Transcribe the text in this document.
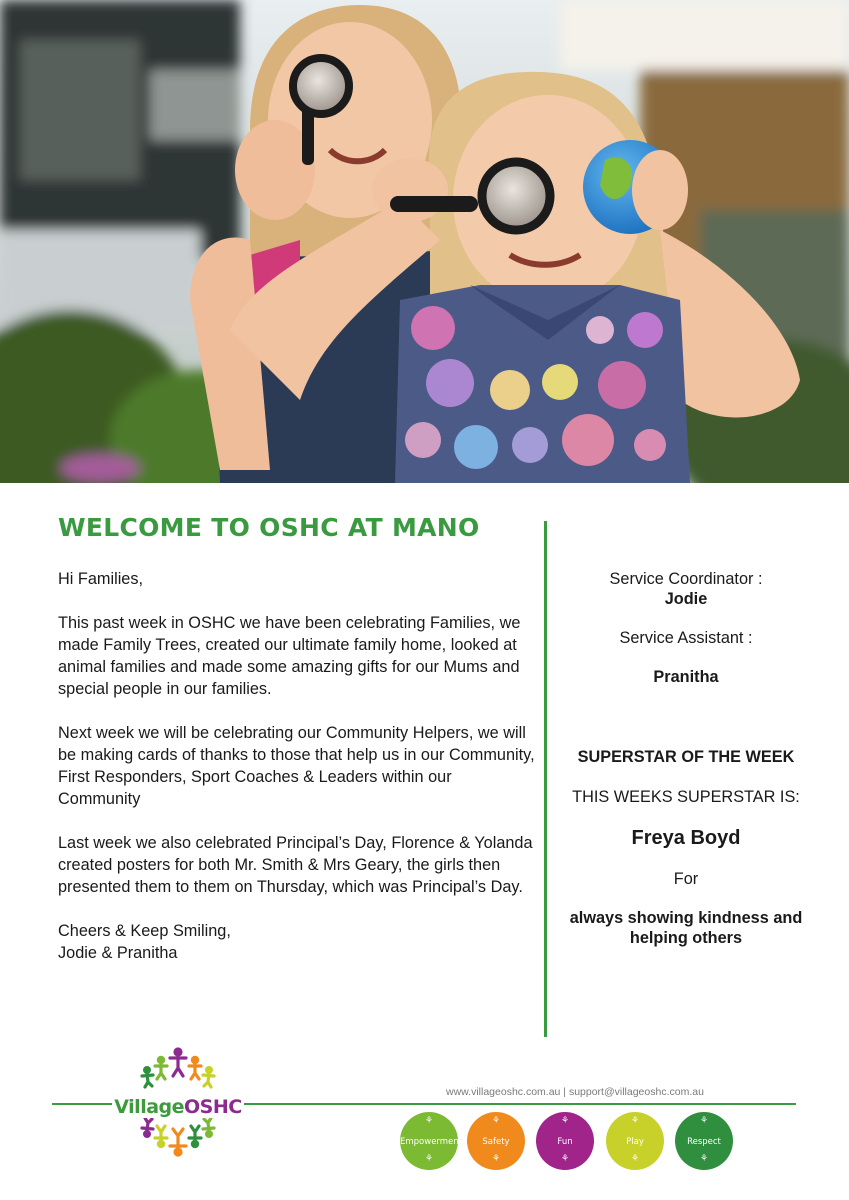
WELCOME TO OSHC AT MANO

Hi Families,

This past week in OSHC we have been celebrating Families, we made Family Trees, created our ultimate family home, looked at animal families and made some amazing gifts for our Mums and special people in our families.

Next week we will be celebrating our Community Helpers, we will be making cards of thanks to those that help us in our Community, First Responders, Sport Coaches & Leaders within our Community

Last week we also celebrated Principal’s Day, Florence & Yolanda created posters for both Mr. Smith & Mrs Geary, the girls then presented them to them on Thursday, which was Principal’s Day.

Cheers & Keep Smiling,

Jodie & Pranitha

Service Coordinator :
Jodie
Service Assistant :
Pranitha
SUPERSTAR OF THE WEEK
THIS WEEKS SUPERSTAR IS:
Freya Boyd
For
always showing kindness and
helping others
VillageOSHC
www.villageoshc.com.au | support@villageoshc.com.au
⚘
Empowerment
⚘
⚘
Safety
⚘
⚘
Fun
⚘
⚘
Play
⚘
⚘
Respect
⚘
